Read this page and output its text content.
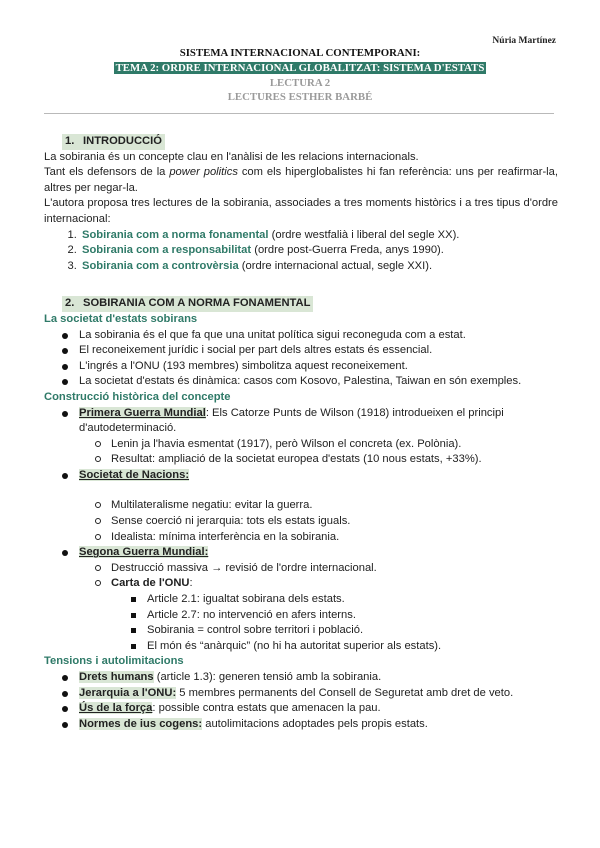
Núria Martínez
SISTEMA INTERNACIONAL CONTEMPORANI:
TEMA 2: ORDRE INTERNACIONAL GLOBALITZAT: SISTEMA D'ESTATS
LECTURA 2
LECTURES ESTHER BARBÉ
1. INTRODUCCIÓ

La sobirania és un concepte clau en l'anàlisi de les relacions internacionals.

Tant els defensors de la power politics com els hiperglobalistes hi fan referència: uns per reafirmar-la, altres per negar-la.

L'autora proposa tres lectures de la sobirania, associades a tres moments històrics i a tres tipus d'ordre internacional:

1. Sobirania com a norma fonamental (ordre westfalià i liberal del segle XX).
2. Sobirania com a responsabilitat (ordre post-Guerra Freda, anys 1990).
3. Sobirania com a controvèrsia (ordre internacional actual, segle XXI).
2. SOBIRANIA COM A NORMA FONAMENTAL
La societat d'estats sobirans
La sobirania és el que fa que una unitat política sigui reconeguda com a estat.
El reconeixement jurídic i social per part dels altres estats és essencial.
L'ingrés a l'ONU (193 membres) simbolitza aquest reconeixement.
La societat d'estats és dinàmica: casos com Kosovo, Palestina, Taiwan en són exemples.
Construcció històrica del concepte
Primera Guerra Mundial: Els Catorze Punts de Wilson (1918) introdueixen el principi d'autodeterminació.
Lenin ja l'havia esmentat (1917), però Wilson el concreta (ex. Polònia).
Resultat: ampliació de la societat europea d'estats (10 nous estats, +33%).
Societat de Nacions:
Multilateralisme negatiu: evitar la guerra.
Sense coerció ni jerarquia: tots els estats iguals.
Idealista: mínima interferència en la sobirania.
Segona Guerra Mundial:
Destrucció massiva → revisió de l'ordre internacional.
Carta de l'ONU:
Article 2.1: igualtat sobirana dels estats.
Article 2.7: no intervenció en afers interns.
Sobirania = control sobre territori i població.
El món és “anàrquic” (no hi ha autoritat superior als estats).
Tensions i autolimitacions
Drets humans (article 1.3): generen tensió amb la sobirania.
Jerarquia a l'ONU: 5 membres permanents del Consell de Seguretat amb dret de veto.
Ús de la força: possible contra estats que amenacen la pau.
Normes de ius cogens: autolimitacions adoptades pels propis estats.
